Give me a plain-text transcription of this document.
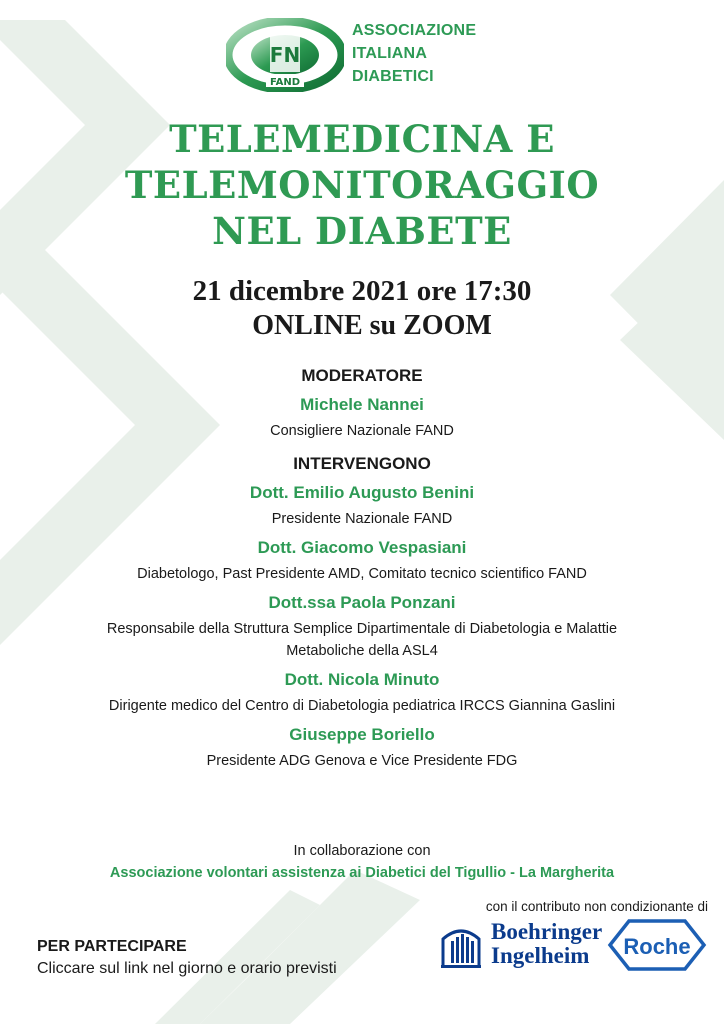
FN
FAND
ASSOCIAZIONE
ITALIANA
DIABETICI
TELEMEDICINA E
TELEMONITORAGGIO
NEL DIABETE
21 dicembre 2021 ore 17:30
ONLINE su ZOOM

MODERATORE

Michele Nannei

Consigliere Nazionale FAND

INTERVENGONO

Dott. Emilio Augusto Benini

Presidente Nazionale FAND

Dott. Giacomo Vespasiani

Diabetologo, Past Presidente AMD, Comitato tecnico scientifico FAND

Dott.ssa Paola Ponzani

Responsabile della Struttura Semplice Dipartimentale di Diabetologia e Malattie

Metaboliche della ASL4

Dott. Nicola Minuto

Dirigente medico del Centro di Diabetologia pediatrica IRCCS Giannina Gaslini

Giuseppe Boriello

Presidente ADG Genova e Vice Presidente FDG

In collaborazione con
Associazione volontari assistenza ai Diabetici del Tigullio - La Margherita
PER PARTECIPARE
Cliccare sul link nel giorno e orario previsti
con il contributo non condizionante di
Boehringer
Ingelheim	Roche
